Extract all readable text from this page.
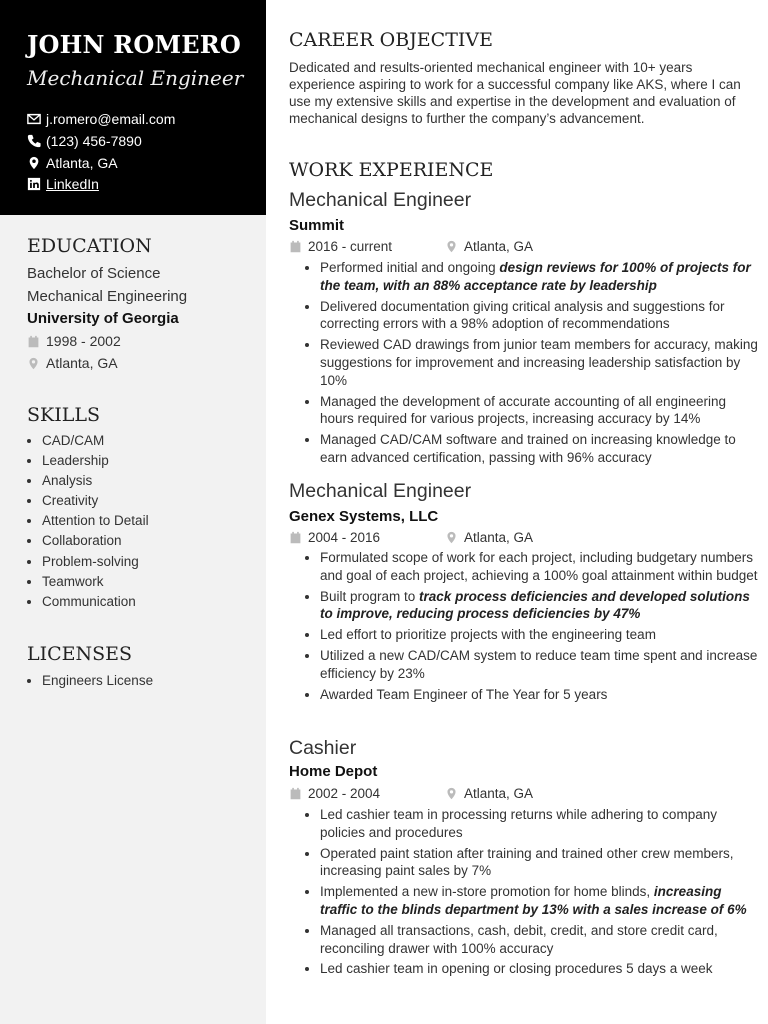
JOHN ROMERO
Mechanical Engineer
j.romero@email.com
(123) 456-7890
Atlanta, GA
LinkedIn
EDUCATION
Bachelor of Science
Mechanical Engineering
University of Georgia
1998 - 2002
Atlanta, GA
SKILLS
• CAD/CAM
• Leadership
• Analysis
• Creativity
• Attention to Detail
• Collaboration
• Problem-solving
• Teamwork
• Communication
LICENSES
• Engineers License
CAREER OBJECTIVE

Dedicated and results-oriented mechanical engineer with 10+ years experience aspiring to work for a successful company like AKS, where I can use my extensive skills and expertise in the development and evaluation of mechanical designs to further the company’s advancement.

WORK EXPERIENCE
Mechanical Engineer
Summit
2016 - current	Atlanta, GA
• Performed initial and ongoing design reviews for 100% of projects for the team, with an 88% acceptance rate by leadership
• Delivered documentation giving critical analysis and suggestions for correcting errors with a 98% adoption of recommendations
• Reviewed CAD drawings from junior team members for accuracy, making suggestions for improvement and increasing leadership satisfaction by 10%
• Managed the development of accurate accounting of all engineering hours required for various projects, increasing accuracy by 14%
• Managed CAD/CAM software and trained on increasing knowledge to earn advanced certification, passing with 96% accuracy
Mechanical Engineer
Genex Systems, LLC
2004 - 2016	Atlanta, GA
• Formulated scope of work for each project, including budgetary numbers and goal of each project, achieving a 100% goal attainment within budget
• Built program to track process deficiencies and developed solutions to improve, reducing process deficiencies by 47%
• Led effort to prioritize projects with the engineering team
• Utilized a new CAD/CAM system to reduce team time spent and increase efficiency by 23%
• Awarded Team Engineer of The Year for 5 years
Cashier
Home Depot
2002 - 2004	Atlanta, GA
• Led cashier team in processing returns while adhering to company policies and procedures
• Operated paint station after training and trained other crew members, increasing paint sales by 7%
• Implemented a new in-store promotion for home blinds, increasing traffic to the blinds department by 13% with a sales increase of 6%
• Managed all transactions, cash, debit, credit, and store credit card, reconciling drawer with 100% accuracy
• Led cashier team in opening or closing procedures 5 days a week
